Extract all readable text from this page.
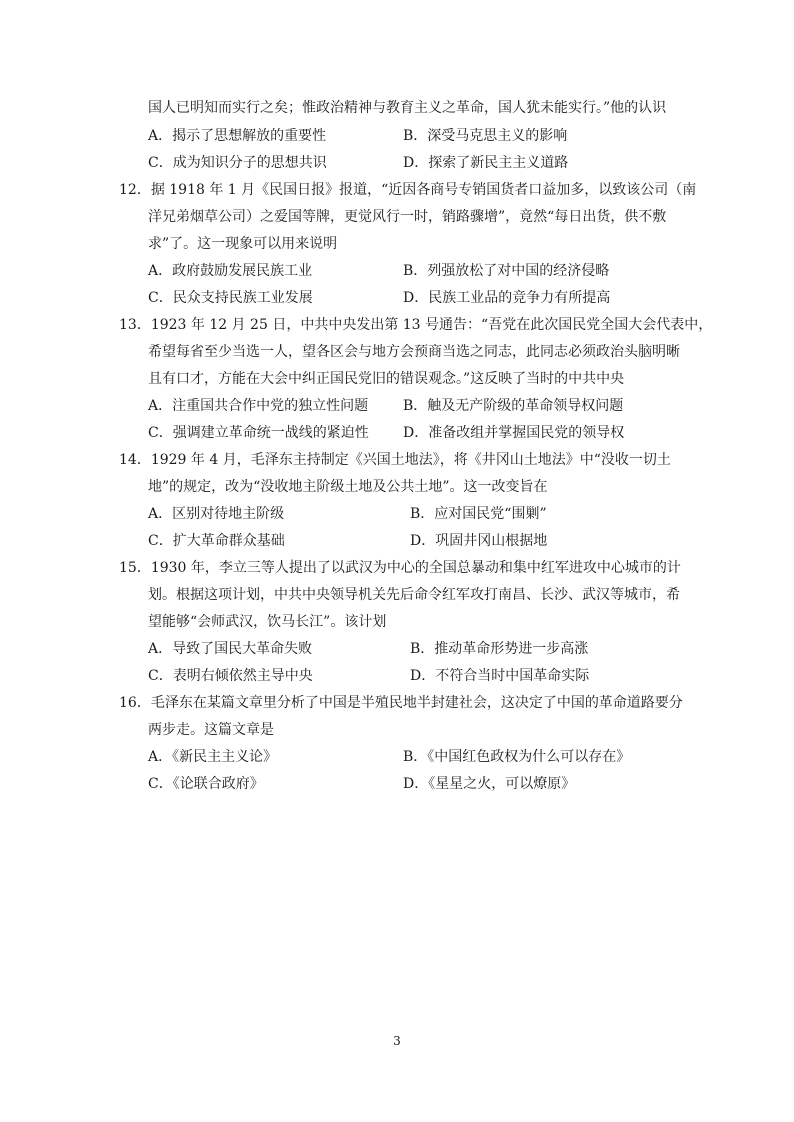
国人已明知而实行之矣；惟政治精神与教育主义之革命，国人犹未能实行。”他的认识
A．揭示了思想解放的重要性	B．深受马克思主义的影响
C．成为知识分子的思想共识	D．探索了新民主主义道路
12．据 1918 年 1 月《民国日报》报道，“近因各商号专销国货者口益加多，以致该公司（南
洋兄弟烟草公司）之爱国等牌，更觉风行一时，销路骤增”，竟然“每日出货，供不敷
求”了。这一现象可以用来说明
A．政府鼓励发展民族工业	B．列强放松了对中国的经济侵略
C．民众支持民族工业发展	D．民族工业品的竞争力有所提高
13．1923 年 12 月 25 日，中共中央发出第 13 号通告：“吾党在此次国民党全国大会代表中，
希望每省至少当选一人，望各区会与地方会预商当选之同志，此同志必须政治头脑明晰
且有口才，方能在大会中纠正国民党旧的错误观念。”这反映了当时的中共中央
A．注重国共合作中党的独立性问题 B．触及无产阶级的革命领导权问题
C．强调建立革命统一战线的紧迫性 D．准备改组并掌握国民党的领导权
14．1929 年 4 月，毛泽东主持制定《兴国土地法》，将《井冈山土地法》中“没收一切土
地”的规定，改为“没收地主阶级土地及公共土地”。这一改变旨在
A．区别对待地主阶级	B．应对国民党“围剿”
C．扩大革命群众基础	D．巩固井冈山根据地
15．1930 年，李立三等人提出了以武汉为中心的全国总暴动和集中红军进攻中心城市的计
划。根据这项计划，中共中央领导机关先后命令红军攻打南昌、长沙、武汉等城市，希
望能够“会师武汉，饮马长江”。该计划
A．导致了国民大革命失败	B．推动革命形势进一步高涨
C．表明右倾依然主导中央	D．不符合当时中国革命实际
16．毛泽东在某篇文章里分析了中国是半殖民地半封建社会，这决定了中国的革命道路要分
两步走。这篇文章是
A．《新民主主义论》	B．《中国红色政权为什么可以存在》
C．《论联合政府》	D．《星星之火，可以燎原》
3
